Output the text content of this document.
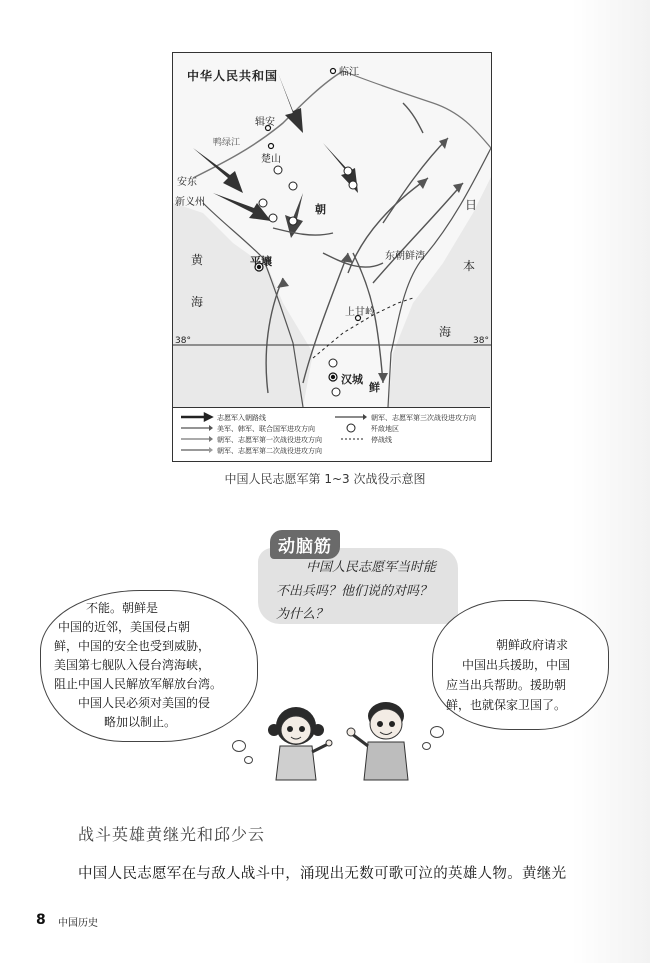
中华人民共和国	临江
辑安
楚山
安东
新义州
鸭绿江
朝
鲜
日
本
黄
海
海
平壤	东朝鲜湾
上甘岭
汉城
38°	38°
志愿军入朝路线
美军、韩军、联合国军进攻方向
朝军、志愿军第一次战役进攻方向
朝军、志愿军第二次战役进攻方向
朝军、志愿军第三次战役进攻方向
歼敌地区
停战线
中国人民志愿军第 1~3 次战役示意图
动脑筋
中国人民志愿军当时能
不出兵吗？他们说的对吗？
为什么？
不能。朝鲜是
中国的近邻，美国侵占朝
鲜，中国的安全也受到威胁，
美国第七舰队入侵台湾海峡，
阻止中国人民解放军解放台湾。
中国人民必须对美国的侵
略加以制止。
朝鲜政府请求
中国出兵援助，中国
应当出兵帮助。援助朝
鲜，也就保家卫国了。
战斗英雄黄继光和邱少云
中国人民志愿军在与敌人战斗中，涌现出无数可歌可泣的英雄人物。黄继光
8 中国历史
